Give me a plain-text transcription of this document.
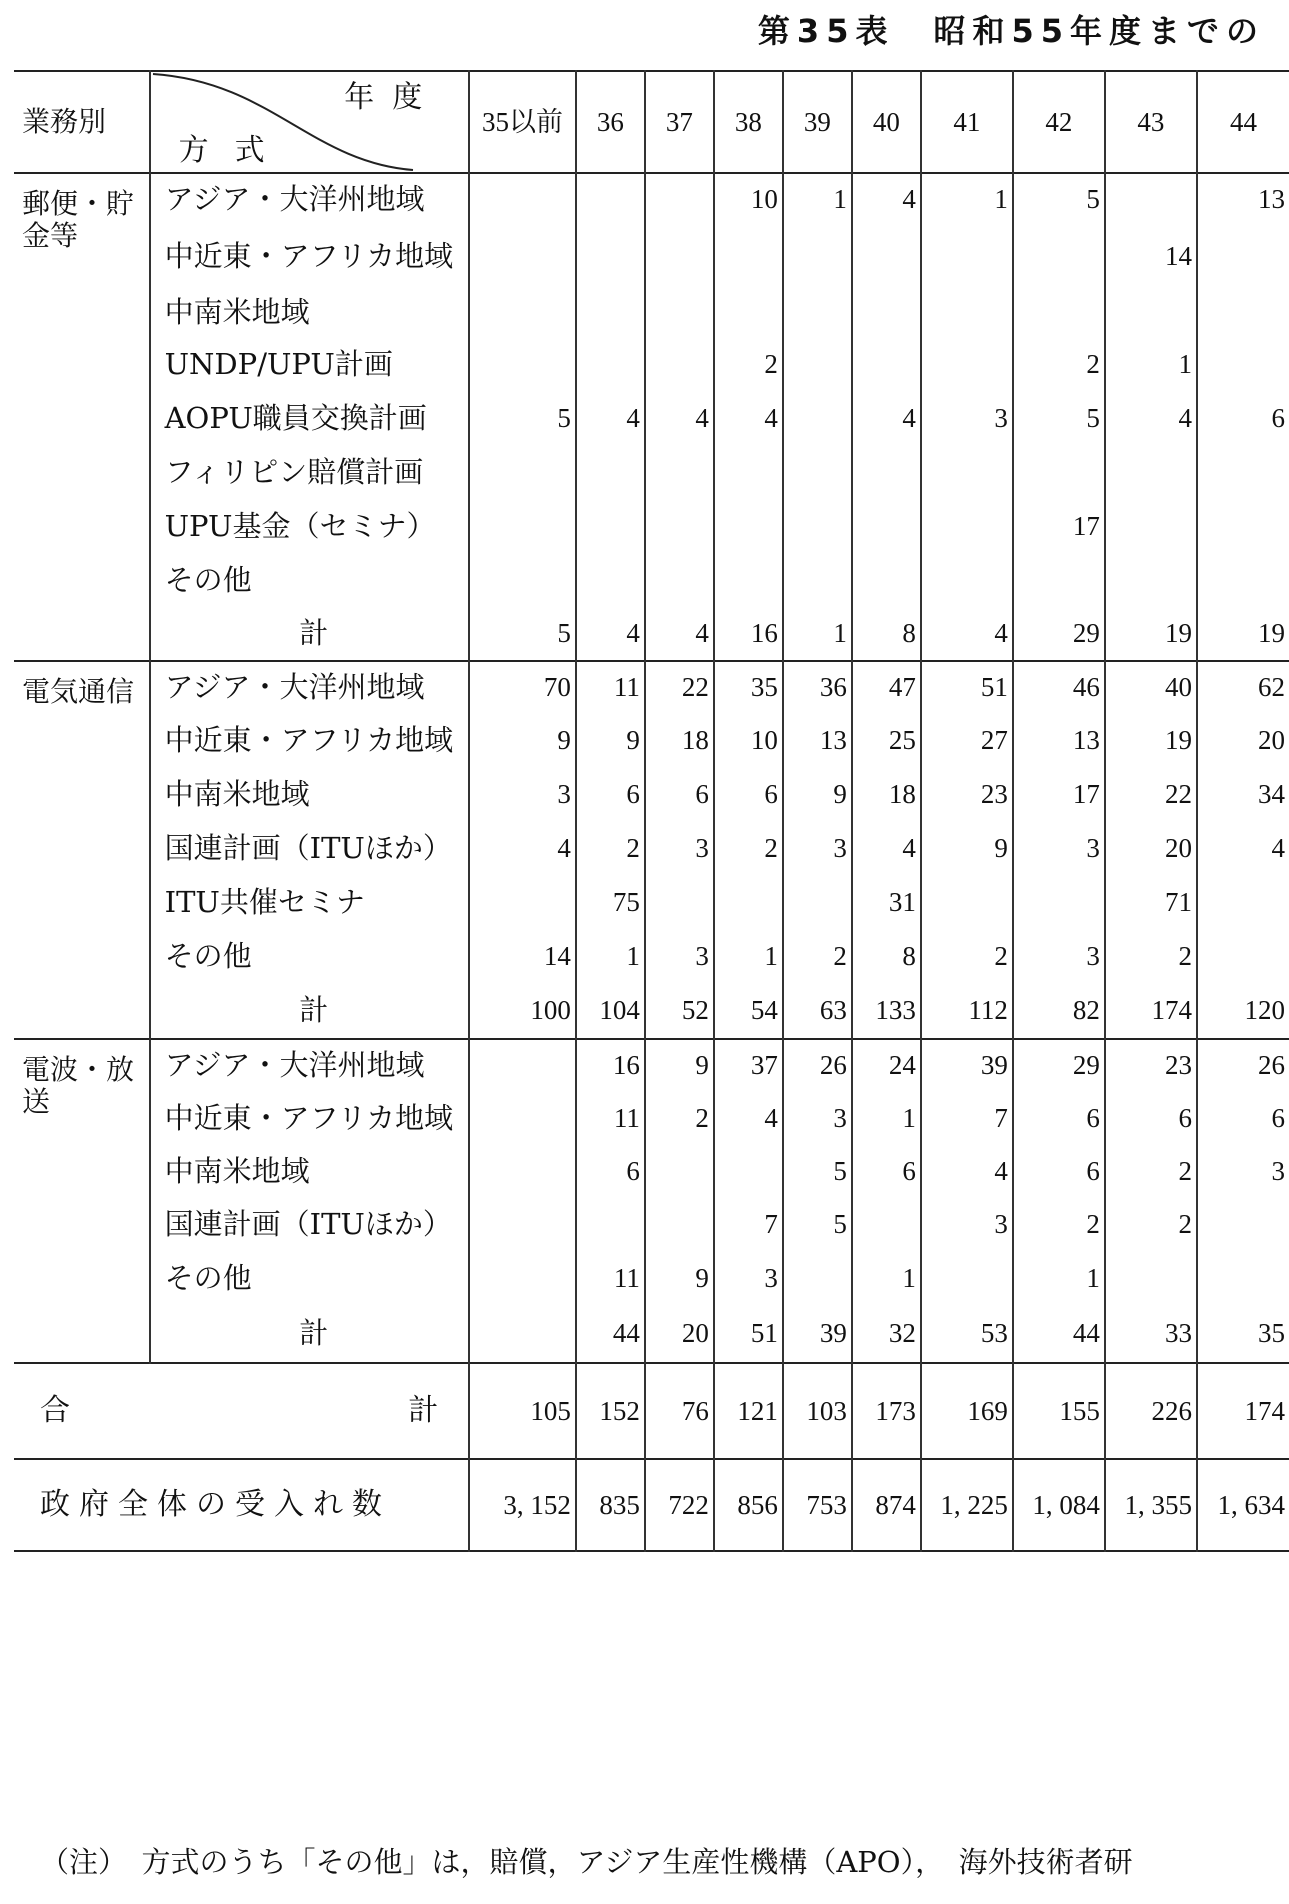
第35表　昭和55年度までの
業務別	年度
方式	35以前	36	37	38	39	40	41	42	43	44
郵便・貯金等	アジア・大洋州地域				10	1	4	1	5		13
	中近東・アフリカ地域									14	
	中南米地域										
	UNDP/UPU計画				2				2	1	
	AOPU職員交換計画	5	4	4	4		4	3	5	4	6
	フィリピン賠償計画										
	UPU基金（セミナ）								17		
	その他										
	計	5	4	4	16	1	8	4	29	19	19
電気通信	アジア・大洋州地域	70	11	22	35	36	47	51	46	40	62
	中近東・アフリカ地域	9	9	18	10	13	25	27	13	19	20
	中南米地域	3	6	6	6	9	18	23	17	22	34
	国連計画（ITUほか）	4	2	3	2	3	4	9	3	20	4
	ITU共催セミナ		75				31			71	
	その他	14	1	3	1	2	8	2	3	2	
	計	100	104	52	54	63	133	112	82	174	120
電波・放送	アジア・大洋州地域		16	9	37	26	24	39	29	23	26
	中近東・アフリカ地域		11	2	4	3	1	7	6	6	6
	中南米地域		6			5	6	4	6	2	3
	国連計画（ITUほか）				7	5		3	2	2	
	その他		11	9	3		1		1		
	計		44	20	51	39	32	53	44	33	35

合 計		105	152	76	121	103	173	169	155	226	174
政府全体の受入れ数		3, 152	835	722	856	753	874	1, 225	1, 084	1, 355	1, 634
（注）　方式のうち「その他」は，賠償，アジア生産性機構（APO），　海外技術者研
